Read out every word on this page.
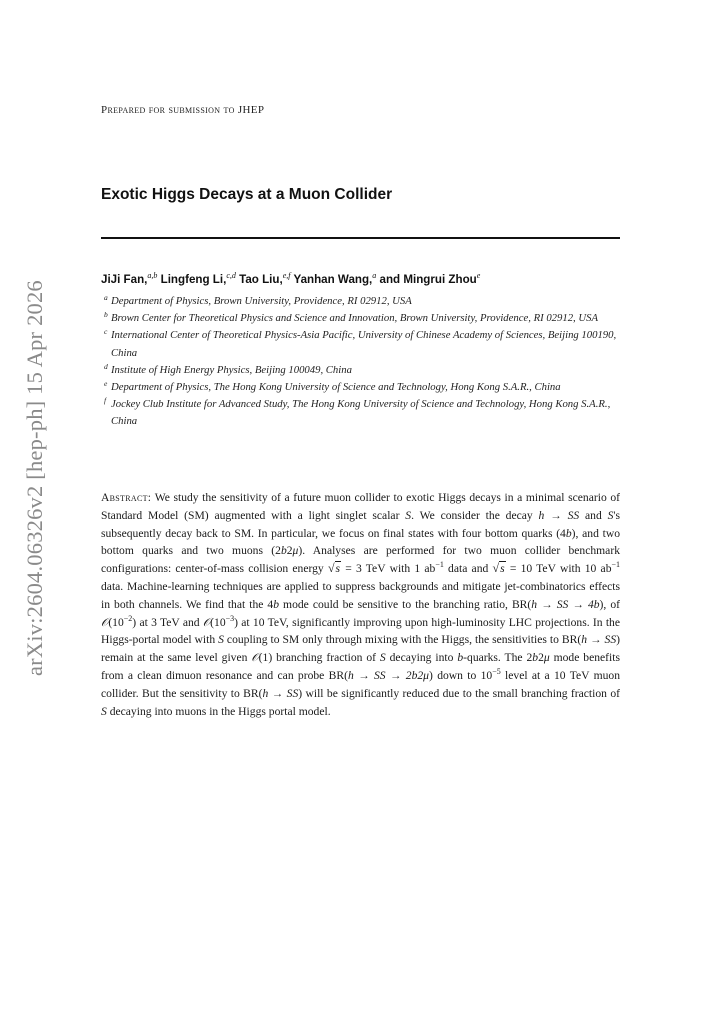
arXiv:2604.06326v2 [hep-ph] 15 Apr 2026
Prepared for submission to JHEP
Exotic Higgs Decays at a Muon Collider
JiJi Fan,$^{a,b}$ Lingfeng Li,$^{c,d}$ Tao Liu,$^{e,f}$ Yanhan Wang,$^a$ and Mingrui Zhou$^e$
a Department of Physics, Brown University, Providence, RI 02912, USA
b Brown Center for Theoretical Physics and Science and Innovation, Brown University, Providence, RI 02912, USA
c International Center of Theoretical Physics-Asia Pacific, University of Chinese Academy of Sciences, Beijing 100190, China
d Institute of High Energy Physics, Beijing 100049, China
e Department of Physics, The Hong Kong University of Science and Technology, Hong Kong S.A.R., China
f Jockey Club Institute for Advanced Study, The Hong Kong University of Science and Technology, Hong Kong S.A.R., China
Abstract: We study the sensitivity of a future muon collider to exotic Higgs decays in a minimal scenario of Standard Model (SM) augmented with a light singlet scalar S. We consider the decay h → SS and S's subsequently decay back to SM. In particular, we focus on final states with four bottom quarks (4b), and two bottom quarks and two muons (2b2μ). Analyses are performed for two muon collider benchmark configurations: center-of-mass collision energy √s = 3 TeV with 1 $ab^{-1}$ data and √s = 10 TeV with 10 $ab^{-1}$ data. Machine-learning techniques are applied to suppress backgrounds and mitigate jet-combinatorics effects in both channels. We find that the 4b mode could be sensitive to the branching ratio, BR(h → SS → 4b), of $𝒪(10^{-2})$ at 3 TeV and $𝒪(10^{-3})$ at 10 TeV, significantly improving upon high-luminosity LHC projections. In the Higgs-portal model with S coupling to SM only through mixing with the Higgs, the sensitivities to BR(h → SS) remain at the same level given 𝒪(1) branching fraction of S decaying into b-quarks. The 2b2μ mode benefits from a clean dimuon resonance and can probe BR(h → SS → 2b2μ) down to $10^{-5}$ level at a 10 TeV muon collider. But the sensitivity to BR(h → SS) will be significantly reduced due to the small branching fraction of S decaying into muons in the Higgs portal model.
